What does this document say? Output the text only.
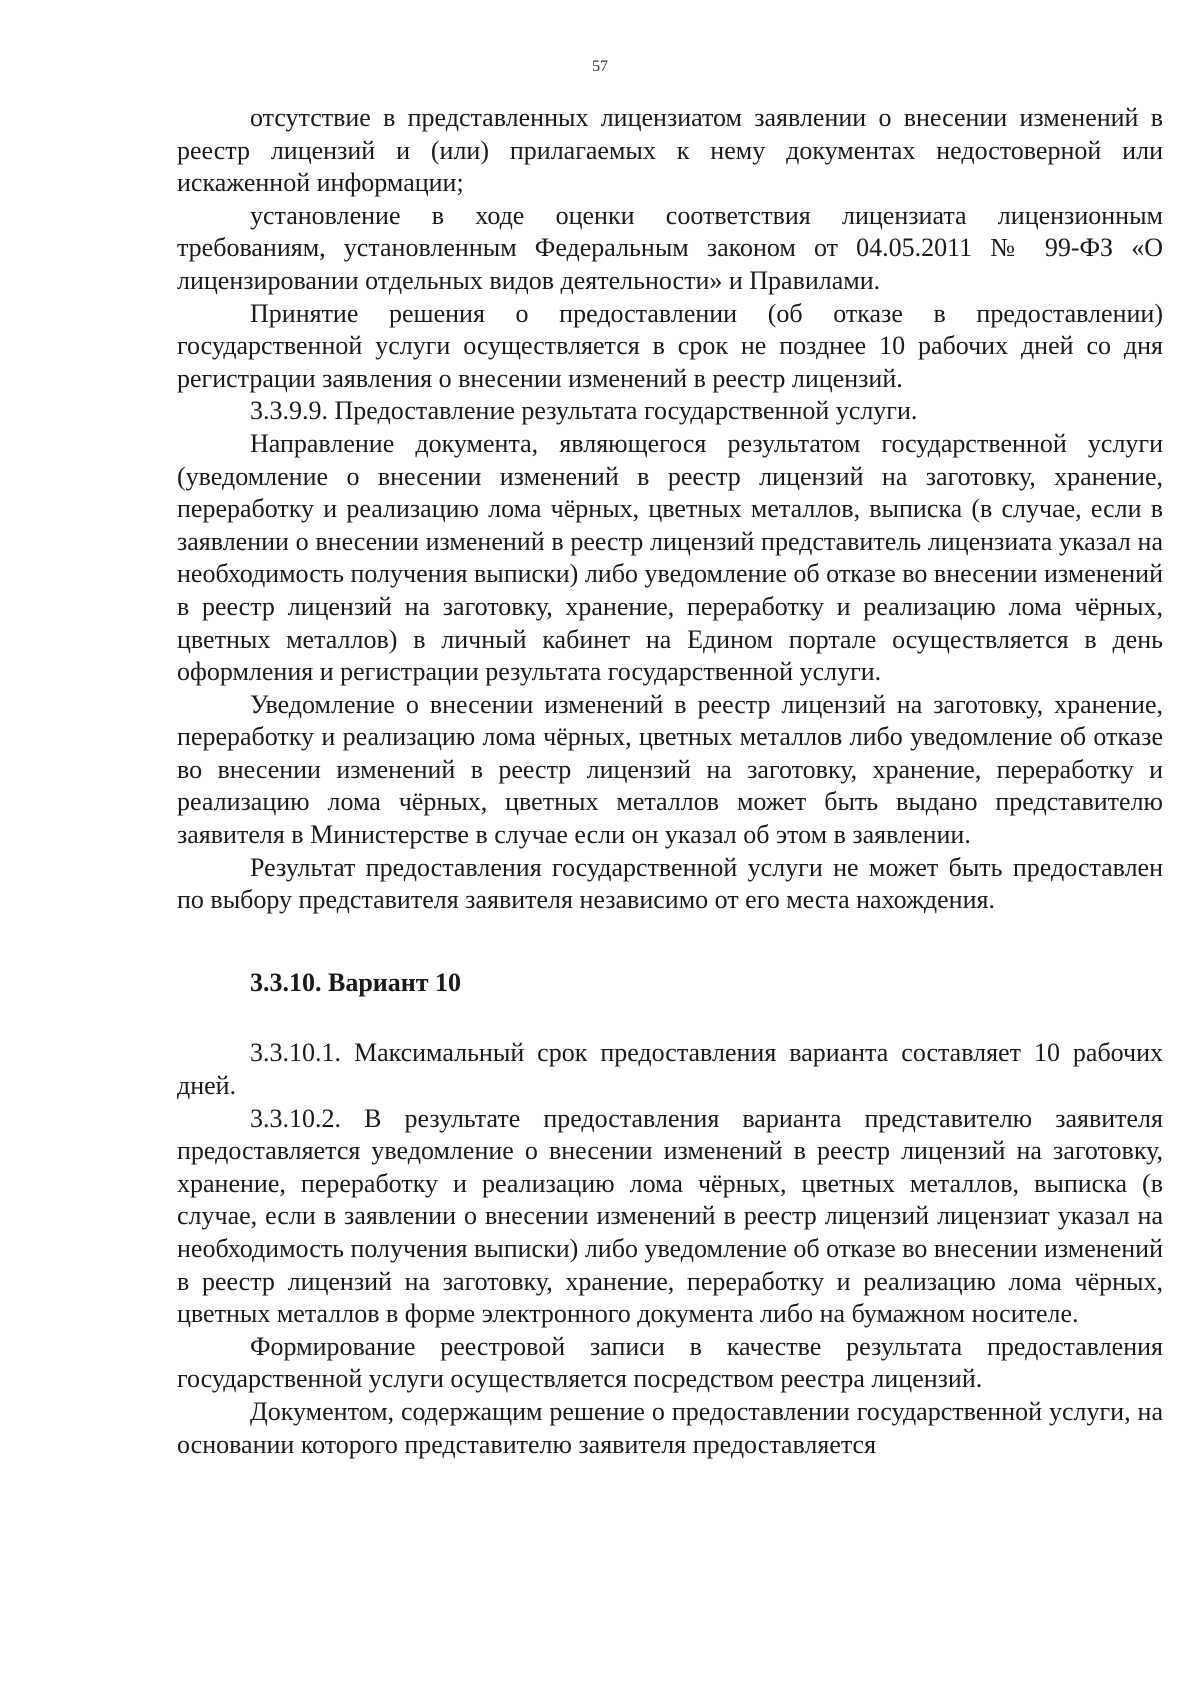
57

отсутствие в представленных лицензиатом заявлении о внесении изменений в реестр лицензий и (или) прилагаемых к нему документах недостоверной или искаженной информации;

установление в ходе оценки соответствия лицензиата лицензионным требованиям, установленным Федеральным законом от 04.05.2011 № 99-ФЗ «О лицензировании отдельных видов деятельности» и Правилами.

Принятие решения о предоставлении (об отказе в предоставлении) государственной услуги осуществляется в срок не позднее 10 рабочих дней со дня регистрации заявления о внесении изменений в реестр лицензий.

3.3.9.9. Предоставление результата государственной услуги.

Направление документа, являющегося результатом государственной услуги (уведомление о внесении изменений в реестр лицензий на заготовку, хранение, переработку и реализацию лома чёрных, цветных металлов, выписка (в случае, если в заявлении о внесении изменений в реестр лицензий представитель лицензиата указал на необходимость получения выписки) либо уведомление об отказе во внесении изменений в реестр лицензий на заготовку, хранение, переработку и реализацию лома чёрных, цветных металлов) в личный кабинет на Едином портале осуществляется в день оформления и регистрации результата государственной услуги.

Уведомление о внесении изменений в реестр лицензий на заготовку, хранение, переработку и реализацию лома чёрных, цветных металлов либо уведомление об отказе во внесении изменений в реестр лицензий на заготовку, хранение, переработку и реализацию лома чёрных, цветных металлов может быть выдано представителю заявителя в Министерстве в случае если он указал об этом в заявлении.

Результат предоставления государственной услуги не может быть предоставлен по выбору представителя заявителя независимо от его места нахождения.

3.3.10. Вариант 10

3.3.10.1. Максимальный срок предоставления варианта составляет 10 рабочих дней.

3.3.10.2. В результате предоставления варианта представителю заявителя предоставляется уведомление о внесении изменений в реестр лицензий на заготовку, хранение, переработку и реализацию лома чёрных, цветных металлов, выписка (в случае, если в заявлении о внесении изменений в реестр лицензий лицензиат указал на необходимость получения выписки) либо уведомление об отказе во внесении изменений в реестр лицензий на заготовку, хранение, переработку и реализацию лома чёрных, цветных металлов в форме электронного документа либо на бумажном носителе.

Формирование реестровой записи в качестве результата предоставления государственной услуги осуществляется посредством реестра лицензий.

Документом, содержащим решение о предоставлении государственной услуги, на основании которого представителю заявителя предоставляется
